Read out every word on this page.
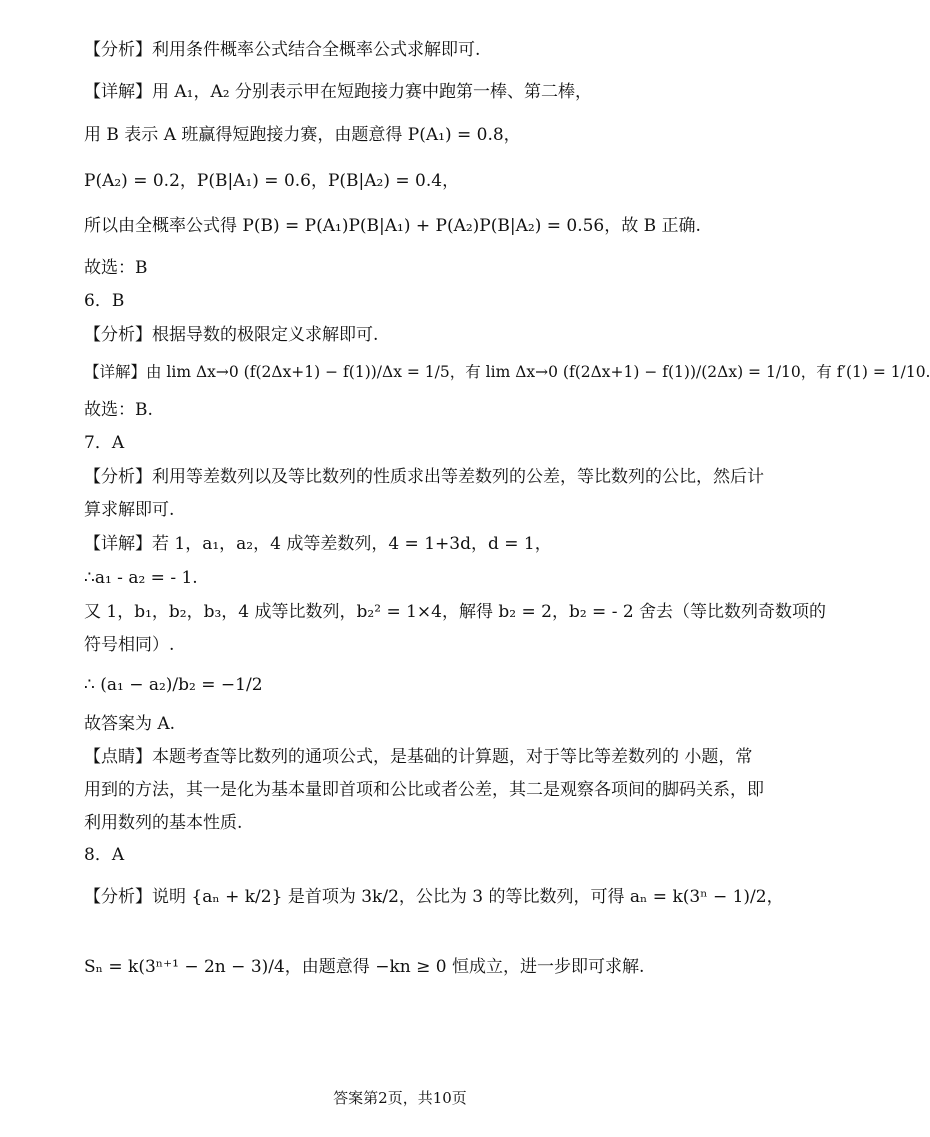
【分析】利用条件概率公式结合全概率公式求解即可.
【详解】用 A₁，A₂ 分别表示甲在短跑接力赛中跑第一棒、第二棒，
用 B 表示 A 班赢得短跑接力赛，由题意得 P(A₁) = 0.8，
P(A₂) = 0.2，P(B|A₁) = 0.6，P(B|A₂) = 0.4，
所以由全概率公式得 P(B) = P(A₁)P(B|A₁) + P(A₂)P(B|A₂) = 0.56，故 B 正确.
故选：B
6．B
【分析】根据导数的极限定义求解即可.
【详解】由 lim Δx→0 (f(2Δx+1) − f(1))/Δx = 1/5，有 lim Δx→0 (f(2Δx+1) − f(1))/(2Δx) = 1/10，有 f′(1) = 1/10.
故选：B.
7．A
【分析】利用等差数列以及等比数列的性质求出等差数列的公差，等比数列的公比，然后计
算求解即可.
【详解】若 1，a₁，a₂，4 成等差数列，4 = 1+3d，d = 1，
∴a₁ - a₂ = - 1.
又 1，b₁，b₂，b₃，4 成等比数列，b₂² = 1×4，解得 b₂ = 2，b₂ = - 2 舍去（等比数列奇数项的
符号相同）.
∴ (a₁ − a₂)/b₂ = −1/2
故答案为 A.
【点睛】本题考查等比数列的通项公式，是基础的计算题，对于等比等差数列的 小题，常
用到的方法，其一是化为基本量即首项和公比或者公差，其二是观察各项间的脚码关系，即
利用数列的基本性质.
8．A
【分析】说明 {aₙ + k/2} 是首项为 3k/2，公比为 3 的等比数列，可得 aₙ = k(3ⁿ − 1)/2，
Sₙ = k(3ⁿ⁺¹ − 2n − 3)/4，由题意得 −kn ≥ 0 恒成立，进一步即可求解.
答案第2页，共10页
